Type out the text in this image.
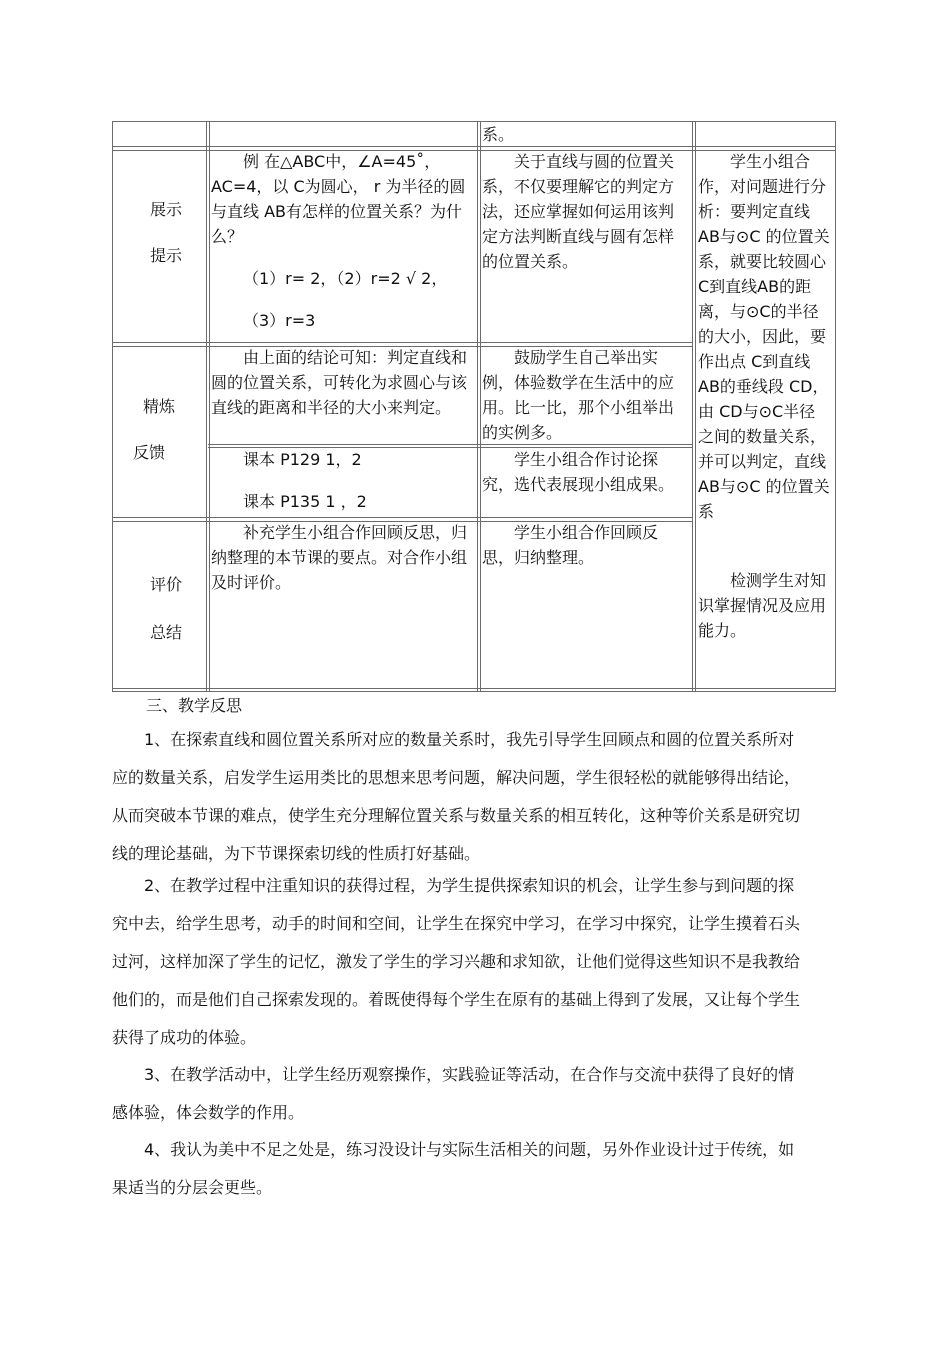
系。
展示
提示

例 在△ABC中，∠A=45˚，AC=4，以 C为圆心， r 为半径的圆与直线 AB有怎样的位置关系？为什么？

（1）r= 2，（2）r=2 √ 2，

（3）r=3

关于直线与圆的位置关系，不仅要理解它的判定方法，还应掌握如何运用该判定方法判断直线与圆有怎样的位置关系。
精炼
反馈
由上面的结论可知：判定直线和圆的位置关系，可转化为求圆心与该直线的距离和半径的大小来判定。
鼓励学生自己举出实例，体验数学在生活中的应用。比一比，那个小组举出的实例多。

课本 P129 1，2

课本 P135 1 ，2

学生小组合作讨论探究，选代表展现小组成果。
评价
总结
补充学生小组合作回顾反思，归纳整理的本节课的要点。对合作小组及时评价。
学生小组合作回顾反思，归纳整理。
学生小组合作，对问题进行分析：要判定直线 AB与⊙C 的位置关系，就要比较圆心 C到直线AB的距离，与⊙C的半径的大小，因此，要作出点 C到直线 AB的垂线段 CD，由 CD与⊙C半径之间的数量关系，并可以判定，直线 AB与⊙C 的位置关系
检测学生对知识掌握情况及应用能力。
三、教学反思

1、在探索直线和圆位置关系所对应的数量关系时，我先引导学生回顾点和圆的位置关系所对应的数量关系，启发学生运用类比的思想来思考问题，解决问题，学生很轻松的就能够得出结论，从而突破本节课的难点，使学生充分理解位置关系与数量关系的相互转化，这种等价关系是研究切线的理论基础，为下节课探索切线的性质打好基础。

2、在教学过程中注重知识的获得过程，为学生提供探索知识的机会，让学生参与到问题的探究中去，给学生思考，动手的时间和空间，让学生在探究中学习，在学习中探究，让学生摸着石头过河，这样加深了学生的记忆，激发了学生的学习兴趣和求知欲，让他们觉得这些知识不是我教给他们的，而是他们自己探索发现的。着既使得每个学生在原有的基础上得到了发展，又让每个学生获得了成功的体验。

3、在教学活动中，让学生经历观察操作，实践验证等活动，在合作与交流中获得了良好的情感体验，体会数学的作用。

4、我认为美中不足之处是，练习没设计与实际生活相关的问题，另外作业设计过于传统，如果适当的分层会更些。
